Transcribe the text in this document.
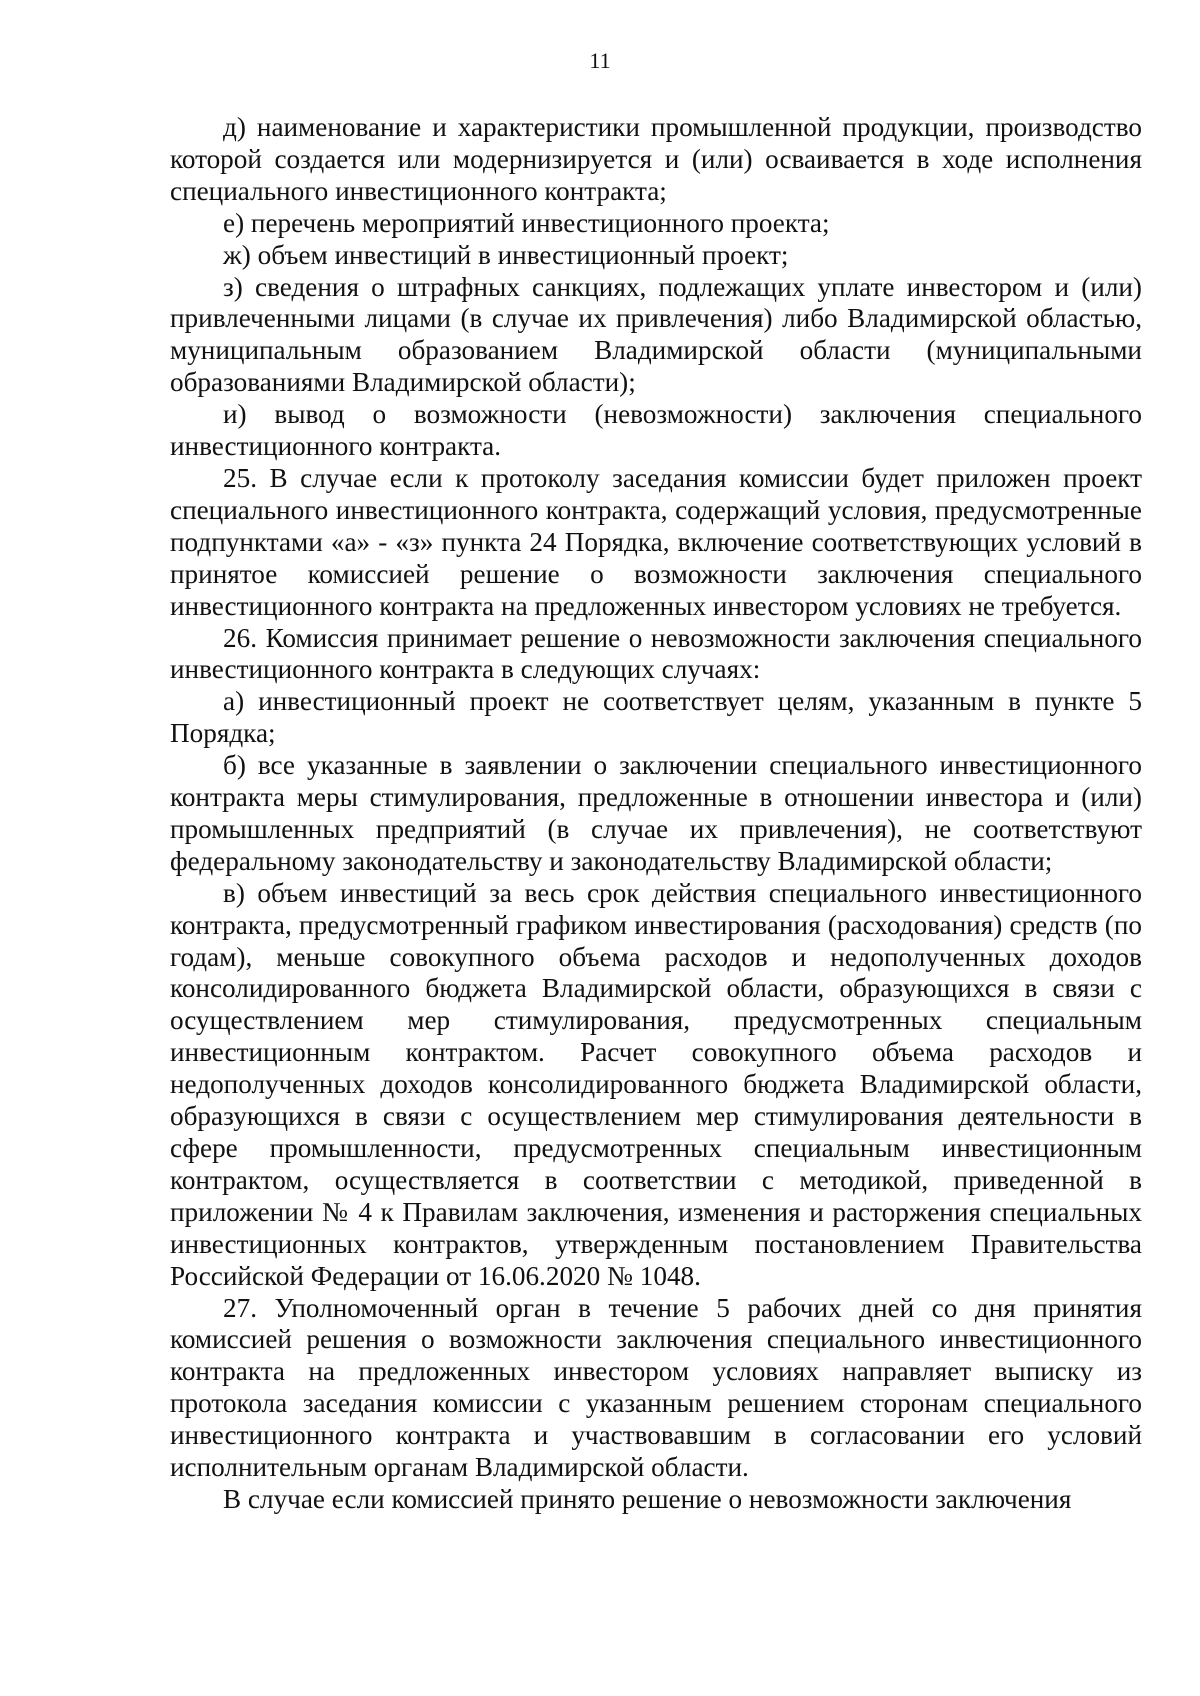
11

д) наименование и характеристики промышленной продукции, производство которой создается или модернизируется и (или) осваивается в ходе исполнения специального инвестиционного контракта;

е) перечень мероприятий инвестиционного проекта;

ж) объем инвестиций в инвестиционный проект;

з) сведения о штрафных санкциях, подлежащих уплате инвестором и (или) привлеченными лицами (в случае их привлечения) либо Владимирской областью, муниципальным образованием Владимирской области (муниципальными образованиями Владимирской области);

и) вывод о возможности (невозможности) заключения специального инвестиционного контракта.

25. В случае если к протоколу заседания комиссии будет приложен проект специального инвестиционного контракта, содержащий условия, предусмотренные подпунктами «а» - «з» пункта 24 Порядка, включение соответствующих условий в принятое комиссией решение о возможности заключения специального инвестиционного контракта на предложенных инвестором условиях не требуется.

26. Комиссия принимает решение о невозможности заключения специального инвестиционного контракта в следующих случаях:

а) инвестиционный проект не соответствует целям, указанным в пункте 5 Порядка;

б) все указанные в заявлении о заключении специального инвестиционного контракта меры стимулирования, предложенные в отношении инвестора и (или) промышленных предприятий (в случае их привлечения), не соответствуют федеральному законодательству и законодательству Владимирской области;

в) объем инвестиций за весь срок действия специального инвестиционного контракта, предусмотренный графиком инвестирования (расходования) средств (по годам), меньше совокупного объема расходов и недополученных доходов консолидированного бюджета Владимирской области, образующихся в связи с осуществлением мер стимулирования, предусмотренных специальным инвестиционным контрактом. Расчет совокупного объема расходов и недополученных доходов консолидированного бюджета Владимирской области, образующихся в связи с осуществлением мер стимулирования деятельности в сфере промышленности, предусмотренных специальным инвестиционным контрактом, осуществляется в соответствии с методикой, приведенной в приложении № 4 к Правилам заключения, изменения и расторжения специальных инвестиционных контрактов, утвержденным постановлением Правительства Российской Федерации от 16.06.2020 № 1048.

27. Уполномоченный орган в течение 5 рабочих дней со дня принятия комиссией решения о возможности заключения специального инвестиционного контракта на предложенных инвестором условиях направляет выписку из протокола заседания комиссии с указанным решением сторонам специального инвестиционного контракта и участвовавшим в согласовании его условий исполнительным органам Владимирской области.

В случае если комиссией принято решение о невозможности заключения
